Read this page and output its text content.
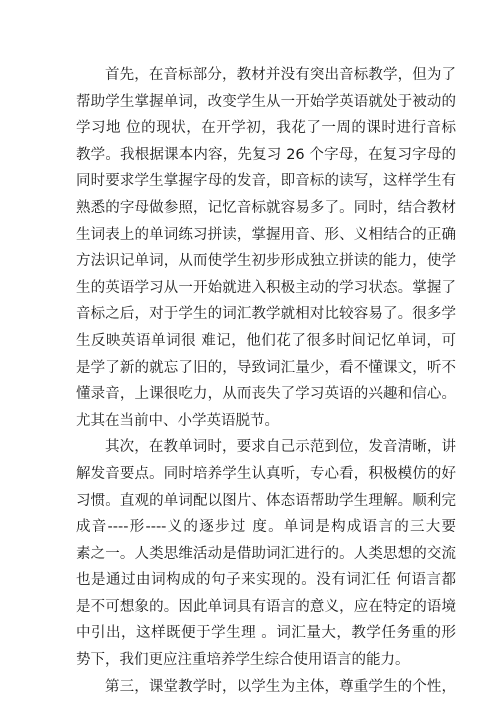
首先，在音标部分，教材并没有突出音标教学，但为了
帮助学生掌握单词，改变学生从一开始学英语就处于被动的
学习地 位的现状，在开学初，我花了一周的课时进行音标
教学。我根据课本内容，先复习 26 个字母，在复习字母的
同时要求学生掌握字母的发音，即音标的读写，这样学生有
熟悉的字母做参照，记忆音标就容易多了。同时，结合教材
生词表上的单词练习拼读，掌握用音、形、义相结合的正确
方法识记单词，从而使学生初步形成独立拼读的能力，使学
生的英语学习从一开始就进入积极主动的学习状态。掌握了
音标之后，对于学生的词汇教学就相对比较容易了。很多学
生反映英语单词很 难记，他们花了很多时间记忆单词，可
是学了新的就忘了旧的，导致词汇量少，看不懂课文，听不
懂录音，上课很吃力，从而丧失了学习英语的兴趣和信心。
尤其在当前中、小学英语脱节。
其次，在教单词时，要求自己示范到位，发音清晰，讲
解发音要点。同时培养学生认真听，专心看，积极模仿的好
习惯。直观的单词配以图片、体态语帮助学生理解。顺利完
成音----形----义的逐步过 度。单词是构成语言的三大要
素之一。人类思维活动是借助词汇进行的。人类思想的交流
也是通过由词构成的句子来实现的。没有词汇任 何语言都
是不可想象的。因此单词具有语言的意义，应在特定的语境
中引出，这样既便于学生理 。词汇量大，教学任务重的形
势下，我们更应注重培养学生综合使用语言的能力。
第三，课堂教学时，以学生为主体，尊重学生的个性，
